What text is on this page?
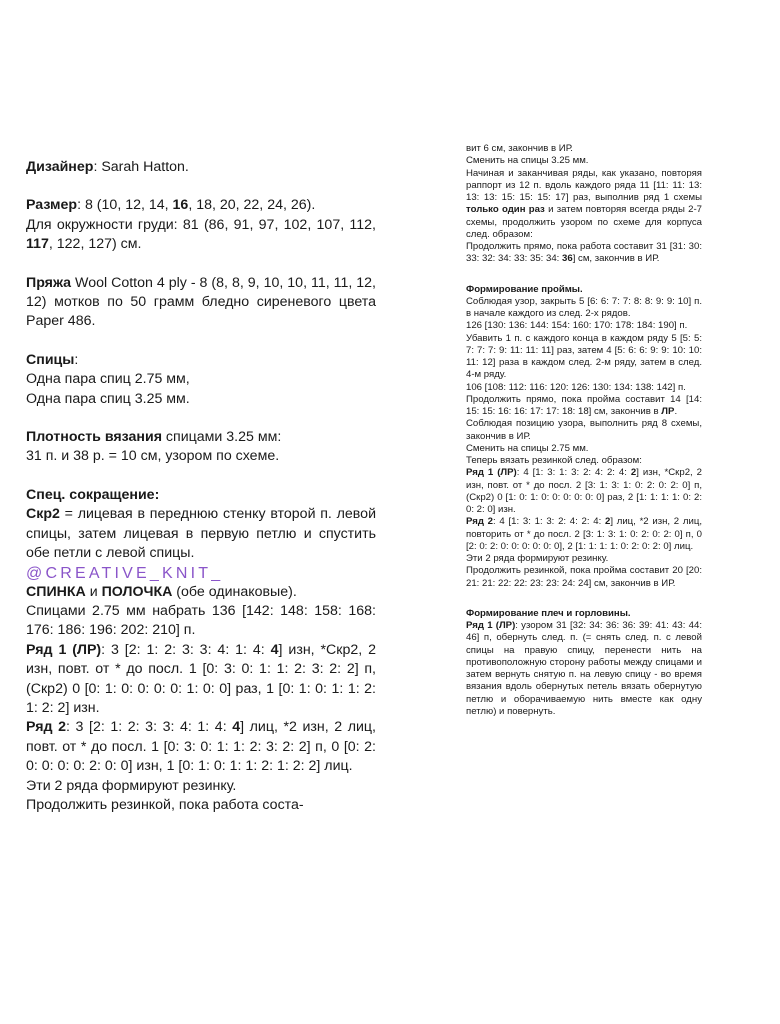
Дизайнер: Sarah Hatton.

Размер: 8 (10, 12, 14, 16, 18, 20, 22, 24, 26).

Для окружности груди: 81 (86, 91, 97, 102, 107, 112, 117, 122, 127) см.

Пряжа Wool Cotton 4 ply - 8 (8, 8, 9, 10, 10, 11, 11, 12, 12) мотков по 50 грамм бледно сиреневого цвета Paper 486.

Спицы:

Одна пара спиц 2.75 мм,

Одна пара спиц 3.25 мм.

Плотность вязания спицами 3.25 мм:

31 п. и 38 р. = 10 см, узором по схеме.

Спец. сокращение:

Скр2 = лицевая в переднюю стенку второй п. левой спицы, затем лицевая в первую петлю и спустить обе петли с левой спицы.

@CREATIVE_KNIT_

СПИНКА и ПОЛОЧКА (обе одинаковые).

Спицами 2.75 мм набрать 136 [142: 148: 158: 168: 176: 186: 196: 202: 210] п.

Ряд 1 (ЛР): 3 [2: 1: 2: 3: 3: 4: 1: 4: 4] изн, *Скр2, 2 изн, повт. от * до посл. 1 [0: 3: 0: 1: 1: 2: 3: 2: 2] п, (Скр2) 0 [0: 1: 0: 0: 0: 0: 1: 0: 0] раз, 1 [0: 1: 0: 1: 1: 2: 1: 2: 2] изн.

Ряд 2: 3 [2: 1: 2: 3: 3: 4: 1: 4: 4] лиц, *2 изн, 2 лиц, повт. от * до посл. 1 [0: 3: 0: 1: 1: 2: 3: 2: 2] п, 0 [0: 2: 0: 0: 0: 0: 2: 0: 0] изн, 1 [0: 1: 0: 1: 1: 2: 1: 2: 2] лиц.

Эти 2 ряда формируют резинку.

Продолжить резинкой, пока работа соста-

вит 6 см, закончив в ИР.

Сменить на спицы 3.25 мм.

Начиная и заканчивая ряды, как указано, повторяя раппорт из 12 п. вдоль каждого ряда 11 [11: 11: 13: 13: 13: 15: 15: 15: 17] раз, выполнив ряд 1 схемы только один раз и затем повторяя всегда ряды 2-7 схемы, продолжить узором по схеме для корпуса след. образом:

Продолжить прямо, пока работа составит 31 [31: 30: 33: 32: 34: 33: 35: 34: 36] см, закончив в ИР.

Формирование проймы.

Соблюдая узор, закрыть 5 [6: 6: 7: 7: 8: 8: 9: 9: 10] п. в начале каждого из след. 2-х рядов.

126 [130: 136: 144: 154: 160: 170: 178: 184: 190] п.

Убавить 1 п. с каждого конца в каждом ряду 5 [5: 5: 7: 7: 7: 9: 11: 11: 11] раз, затем 4 [5: 6: 6: 9: 9: 10: 10: 11: 12] раза в каждом след. 2-м ряду, затем в след. 4-м ряду.

106 [108: 112: 116: 120: 126: 130: 134: 138: 142] п.

Продолжить прямо, пока пройма составит 14 [14: 15: 15: 16: 16: 17: 17: 18: 18] см, закончив в ЛР.

Соблюдая позицию узора, выполнить ряд 8 схемы, закончив в ИР.

Сменить на спицы 2.75 мм.

Теперь вязать резинкой след. образом:

Ряд 1 (ЛР): 4 [1: 3: 1: 3: 2: 4: 2: 4: 2] изн, *Скр2, 2 изн, повт. от * до посл. 2 [3: 1: 3: 1: 0: 2: 0: 2: 0] п, (Скр2) 0 [1: 0: 1: 0: 0: 0: 0: 0: 0] раз, 2 [1: 1: 1: 1: 0: 2: 0: 2: 0] изн.

Ряд 2: 4 [1: 3: 1: 3: 2: 4: 2: 4: 2] лиц, *2 изн, 2 лиц, повторить от * до посл. 2 [3: 1: 3: 1: 0: 2: 0: 2: 0] п, 0 [2: 0: 2: 0: 0: 0: 0: 0: 0], 2 [1: 1: 1: 1: 0: 2: 0: 2: 0] лиц.

Эти 2 ряда формируют резинку.

Продолжить резинкой, пока пройма составит 20 [20: 21: 21: 22: 22: 23: 23: 24: 24] см, закончив в ИР.

Формирование плеч и горловины.

Ряд 1 (ЛР): узором 31 [32: 34: 36: 36: 39: 41: 43: 44: 46] п, обернуть след. п. (= снять след. п. с левой спицы на правую спицу, перенести нить на противоположную сторону работы между спицами и затем вернуть снятую п. на левую спицу - во время вязания вдоль обернутых петель вязать обернутую петлю и оборачиваемую нить вместе как одну петлю) и повернуть.
